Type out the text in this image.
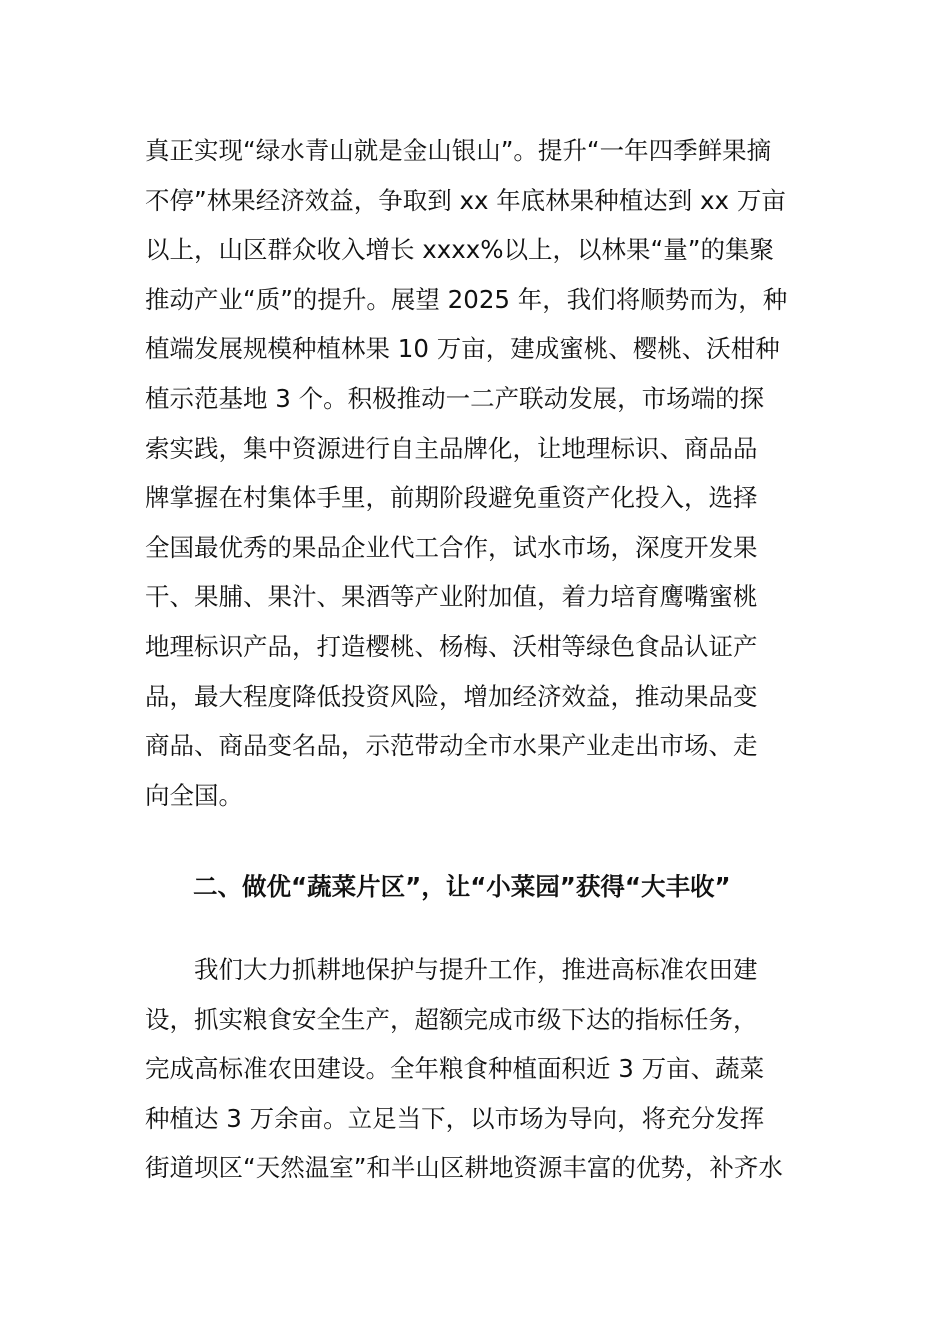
真正实现“绿水青山就是金山银山”。提升“一年四季鲜果摘
不停”林果经济效益，争取到 xx 年底林果种植达到 xx 万亩
以上，山区群众收入增长 xxxx%以上，以林果“量”的集聚
推动产业“质”的提升。展望 2025 年，我们将顺势而为，种
植端发展规模种植林果 10 万亩，建成蜜桃、樱桃、沃柑种
植示范基地 3 个。积极推动一二产联动发展，市场端的探
索实践，集中资源进行自主品牌化，让地理标识、商品品
牌掌握在村集体手里，前期阶段避免重资产化投入，选择
全国最优秀的果品企业代工合作，试水市场，深度开发果
干、果脯、果汁、果酒等产业附加值，着力培育鹰嘴蜜桃
地理标识产品，打造樱桃、杨梅、沃柑等绿色食品认证产
品，最大程度降低投资风险，增加经济效益，推动果品变
商品、商品变名品，示范带动全市水果产业走出市场、走
向全国。
二、做优“蔬菜片区”，让“小菜园”获得“大丰收”
　　我们大力抓耕地保护与提升工作，推进高标准农田建
设，抓实粮食安全生产，超额完成市级下达的指标任务，
完成高标准农田建设。全年粮食种植面积近 3 万亩、蔬菜
种植达 3 万余亩。立足当下，以市场为导向，将充分发挥
街道坝区“天然温室”和半山区耕地资源丰富的优势，补齐水
